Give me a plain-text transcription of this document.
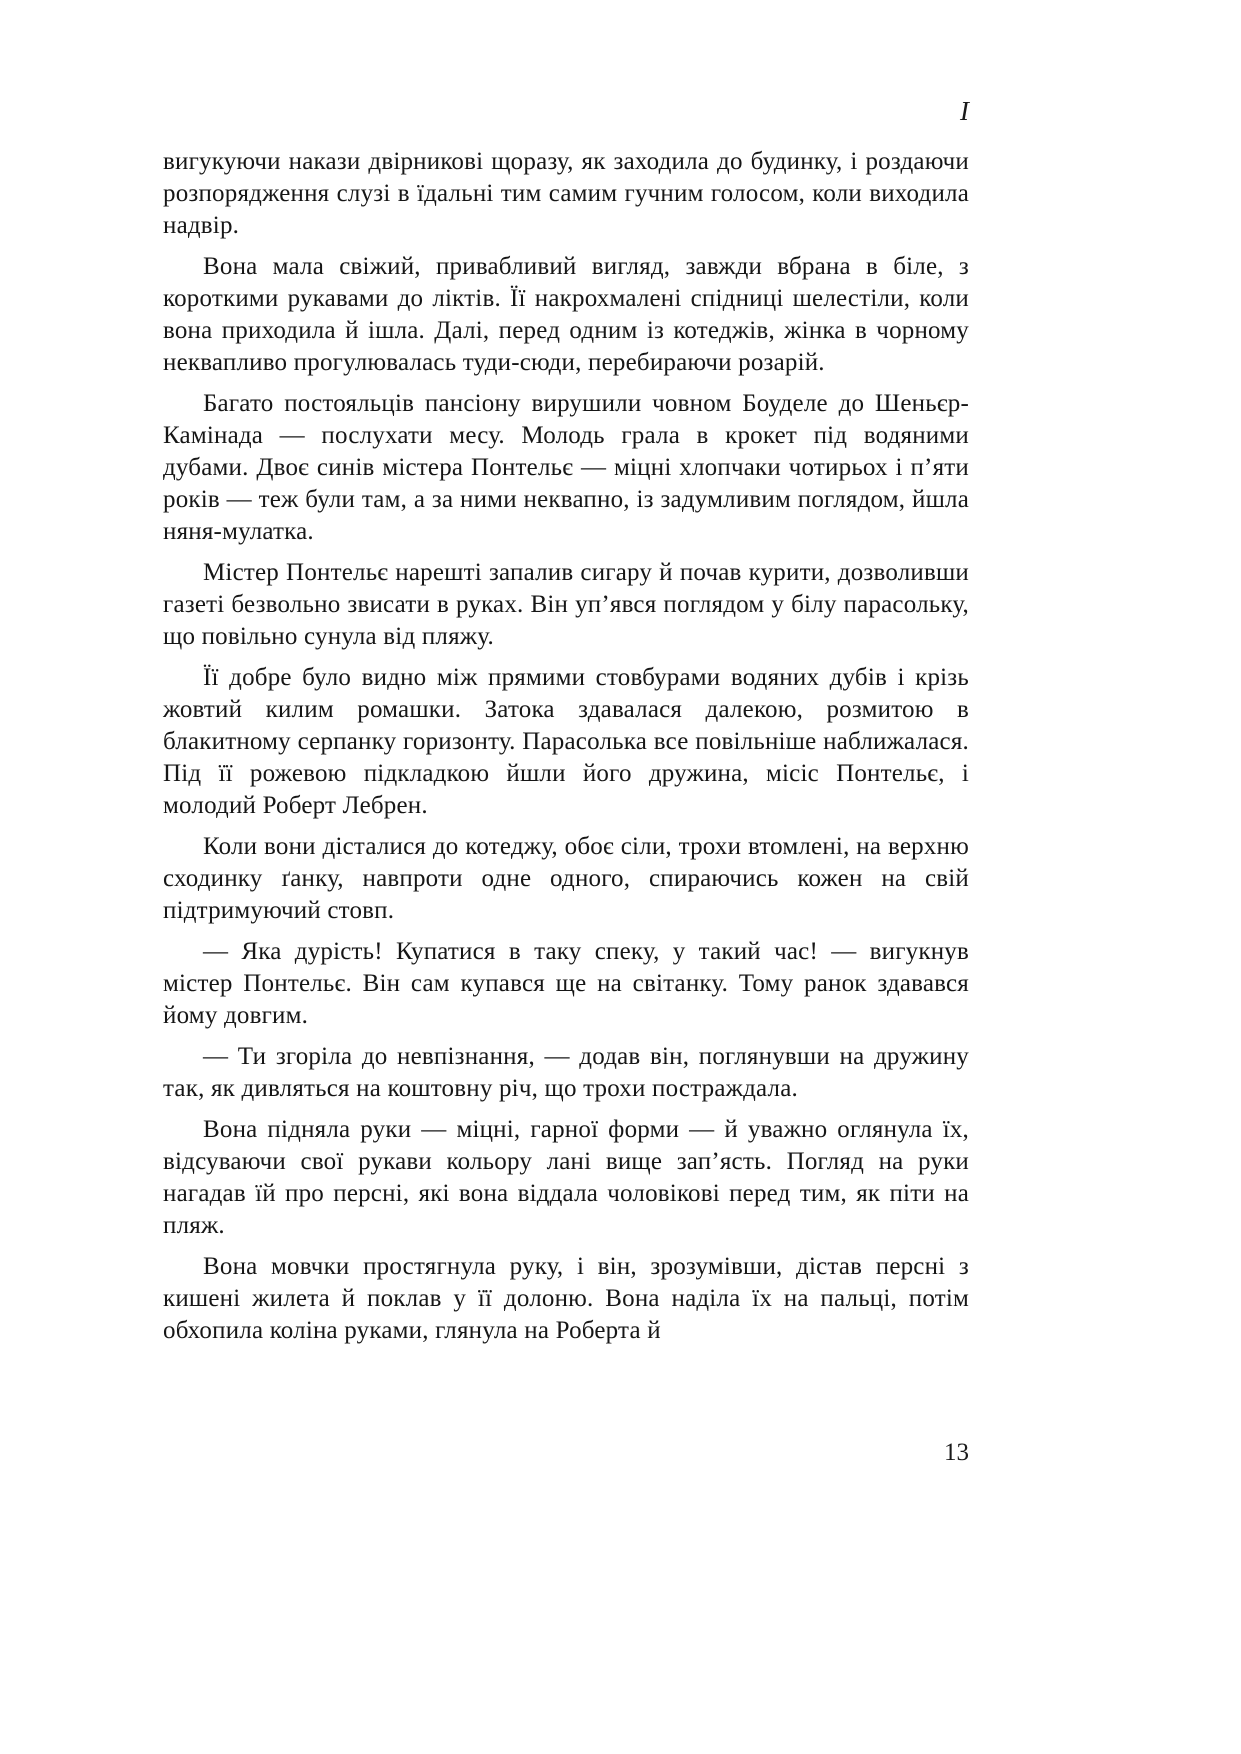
І

вигукуючи накази двірникові щоразу, як заходила до будинку, і роздаючи розпорядження слузі в їдальні тим самим гучним голосом, коли виходила надвір.

Вона мала свіжий, привабливий вигляд, завжди вбрана в біле, з короткими рукавами до ліктів. Її накрохмалені спідниці шелестіли, коли вона приходила й ішла. Далі, перед одним із котеджів, жінка в чорному неквапливо прогулювалась туди-сюди, перебираючи розарій.

Багато постояльців пансіону вирушили човном Боуделе до Шеньєр-Камінада — послухати месу. Молодь грала в крокет під водяними дубами. Двоє синів містера Понтельє — міцні хлопчаки чотирьох і п’яти років — теж були там, а за ними неквапно, із задумливим поглядом, йшла няня-мулатка.

Містер Понтельє нарешті запалив сигару й почав курити, дозволивши газеті безвольно звисати в руках. Він уп’явся поглядом у білу парасольку, що повільно сунула від пляжу.

Її добре було видно між прямими стовбурами водяних дубів і крізь жовтий килим ромашки. Затока здавалася далекою, розмитою в блакитному серпанку горизонту. Парасолька все повільніше наближалася. Під її рожевою підкладкою йшли його дружина, місіс Понтельє, і молодий Роберт Лебрен.

Коли вони дісталися до котеджу, обоє сіли, трохи втомлені, на верхню сходинку ґанку, навпроти одне одного, спираючись кожен на свій підтримуючий стовп.

— Яка дурість! Купатися в таку спеку, у такий час! — вигукнув містер Понтельє. Він сам купався ще на світанку. Тому ранок здавався йому довгим.

— Ти згоріла до невпізнання, — додав він, поглянувши на дружину так, як дивляться на коштовну річ, що трохи постраждала.

Вона підняла руки — міцні, гарної форми — й уважно оглянула їх, відсуваючи свої рукави кольору лані вище зап’ясть. Погляд на руки нагадав їй про персні, які вона віддала чоловікові перед тим, як піти на пляж.

Вона мовчки простягнула руку, і він, зрозумівши, дістав персні з кишені жилета й поклав у її долоню. Вона наділа їх на пальці, потім обхопила коліна руками, глянула на Роберта й

13
